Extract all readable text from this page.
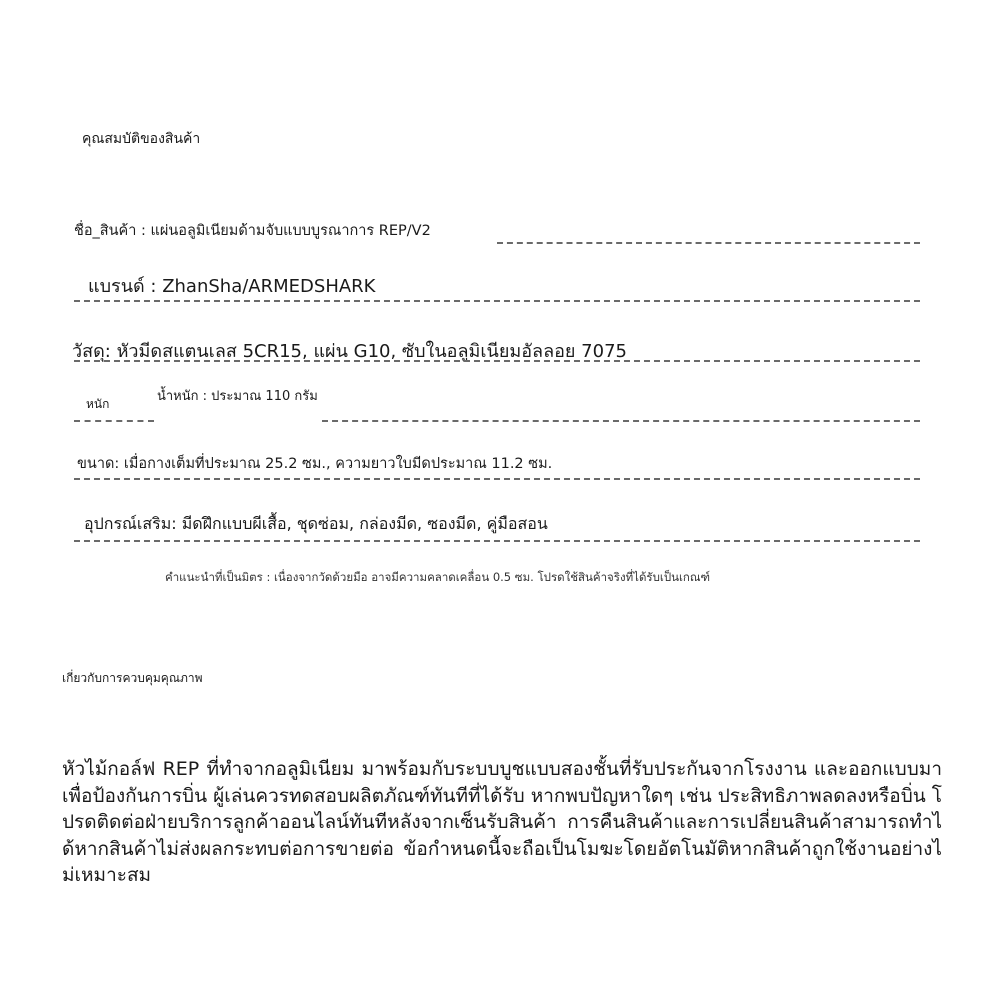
คุณสมบัติของสินค้า
ชื่อ_สินค้า : แผ่นอลูมิเนียมด้ามจับแบบบูรณาการ REP/V2
แบรนด์ : ZhanSha/ARMEDSHARK
วัสดุ: หัวมีดสแตนเลส 5CR15, แผ่น G10, ซับในอลูมิเนียมอัลลอย 7075
หนัก	น้ำหนัก : ประมาณ 110 กรัม
ขนาด: เมื่อกางเต็มที่ประมาณ 25.2 ซม., ความยาวใบมีดประมาณ 11.2 ซม.
อุปกรณ์เสริม: มีดฝึกแบบผีเสื้อ, ชุดซ่อม, กล่องมีด, ซองมีด, คู่มือสอน
คำแนะนำที่เป็นมิตร : เนื่องจากวัดด้วยมือ อาจมีความคลาดเคลื่อน 0.5 ซม. โปรดใช้สินค้าจริงที่ได้รับเป็นเกณฑ์
เกี่ยวกับการควบคุมคุณภาพ
หัวไม้กอล์ฟ REP ที่ทำจากอลูมิเนียม มาพร้อมกับระบบบูชแบบสองชั้นที่รับประกันจากโรงงาน และออกแบบมาเพื่อป้องกันการบิ่น ผู้เล่นควรทดสอบผลิตภัณฑ์ทันทีที่ได้รับ หากพบปัญหาใดๆ เช่น ประสิทธิภาพลดลงหรือบิ่น โปรดติดต่อฝ่ายบริการลูกค้าออนไลน์ทันทีหลังจากเซ็นรับสินค้า การคืนสินค้าและการเปลี่ยนสินค้าสามารถทำได้หากสินค้าไม่ส่งผลกระทบต่อการขายต่อ ข้อกำหนดนี้จะถือเป็นโมฆะโดยอัตโนมัติหากสินค้าถูกใช้งานอย่างไม่เหมาะสม
